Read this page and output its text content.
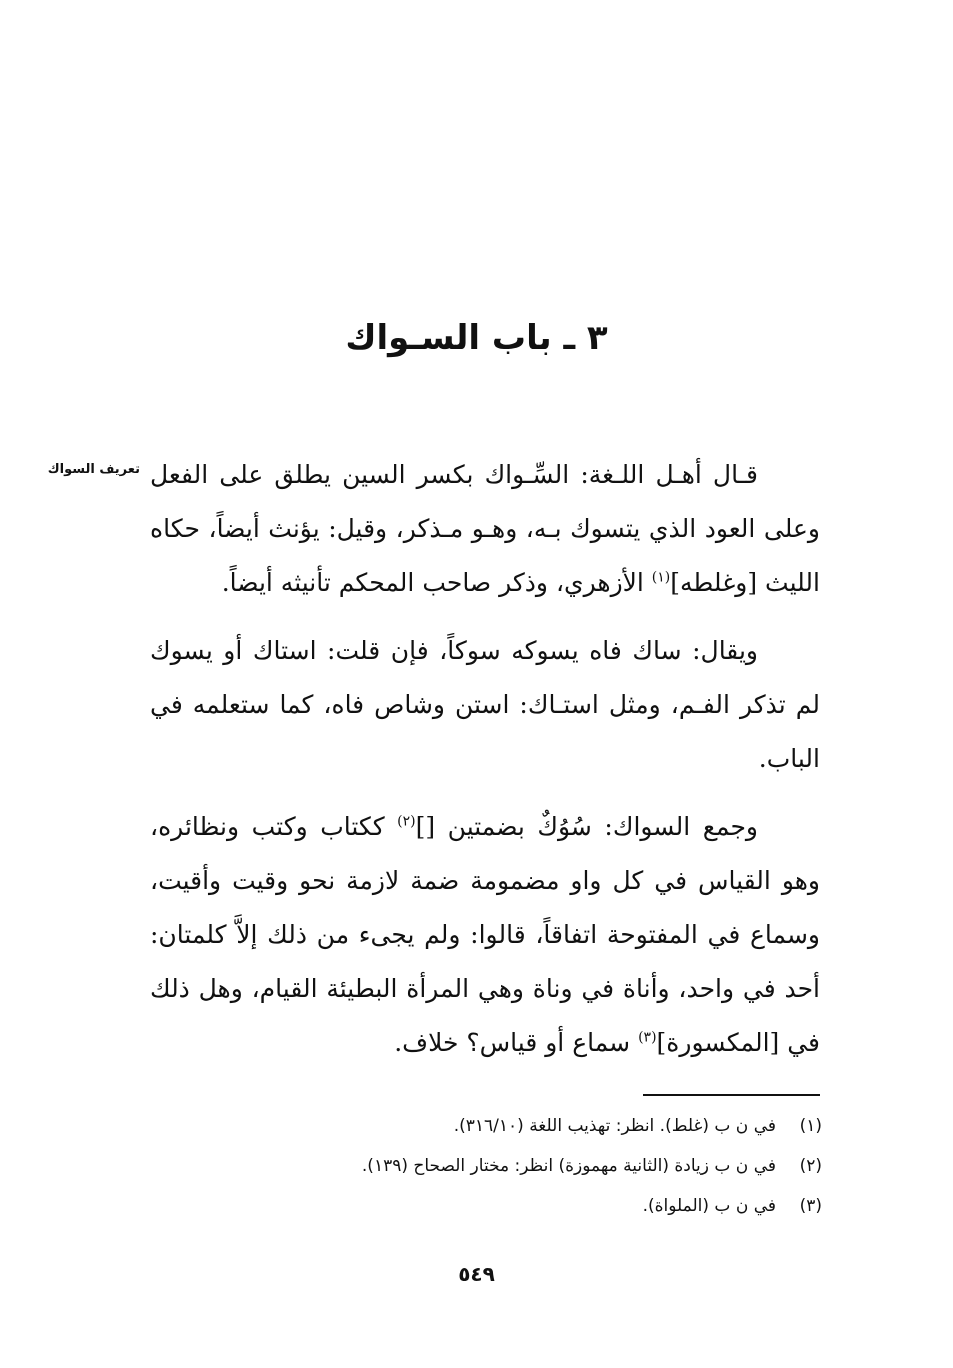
٣ ـ باب السـواك
تعريف السواك قـال أهـل اللـغة: السِّـواك بكسر السين يطلق على الفعل وعلى العود الذي يتسوك بـه، وهـو مـذكر، وقيل: يؤنث أيضاً، حكاه الليث [وغلطه]$^{(١)}$ الأزهري، وذكر صاحب المحكم تأنيثه أيضاً.

ويقال: ساك فاه يسوكه سوكاً، فإن قلت: استاك أو يسوك لم تذكر الفـم، ومثل استـاك: استن وشاص فاه، كما ستعلمه في الباب.

وجمع السواك: سُوُكٌ بضمتين []$^{(٢)}$ ككتاب وكتب ونظائره، وهو القياس في كل واو مضمومة ضمة لازمة نحو وقيت وأقيت، وسماع في المفتوحة اتفاقاً، قالوا: ولم يجىء من ذلك إلاَّ كلمتان: أحد في واحد، وأناة في وناة وهي المرأة البطيئة القيام، وهل ذلك في [المكسورة]$^{(٣)}$ سماع أو قياس؟ خلاف.

(١)
في ن ب (غلط). انظر: تهذيب اللغة (٣١٦/١٠).
(٢)
في ن ب زيادة (الثانية مهموزة) انظر: مختار الصحاح (١٣٩).
(٣)
في ن ب (الملواة).
٥٤٩
